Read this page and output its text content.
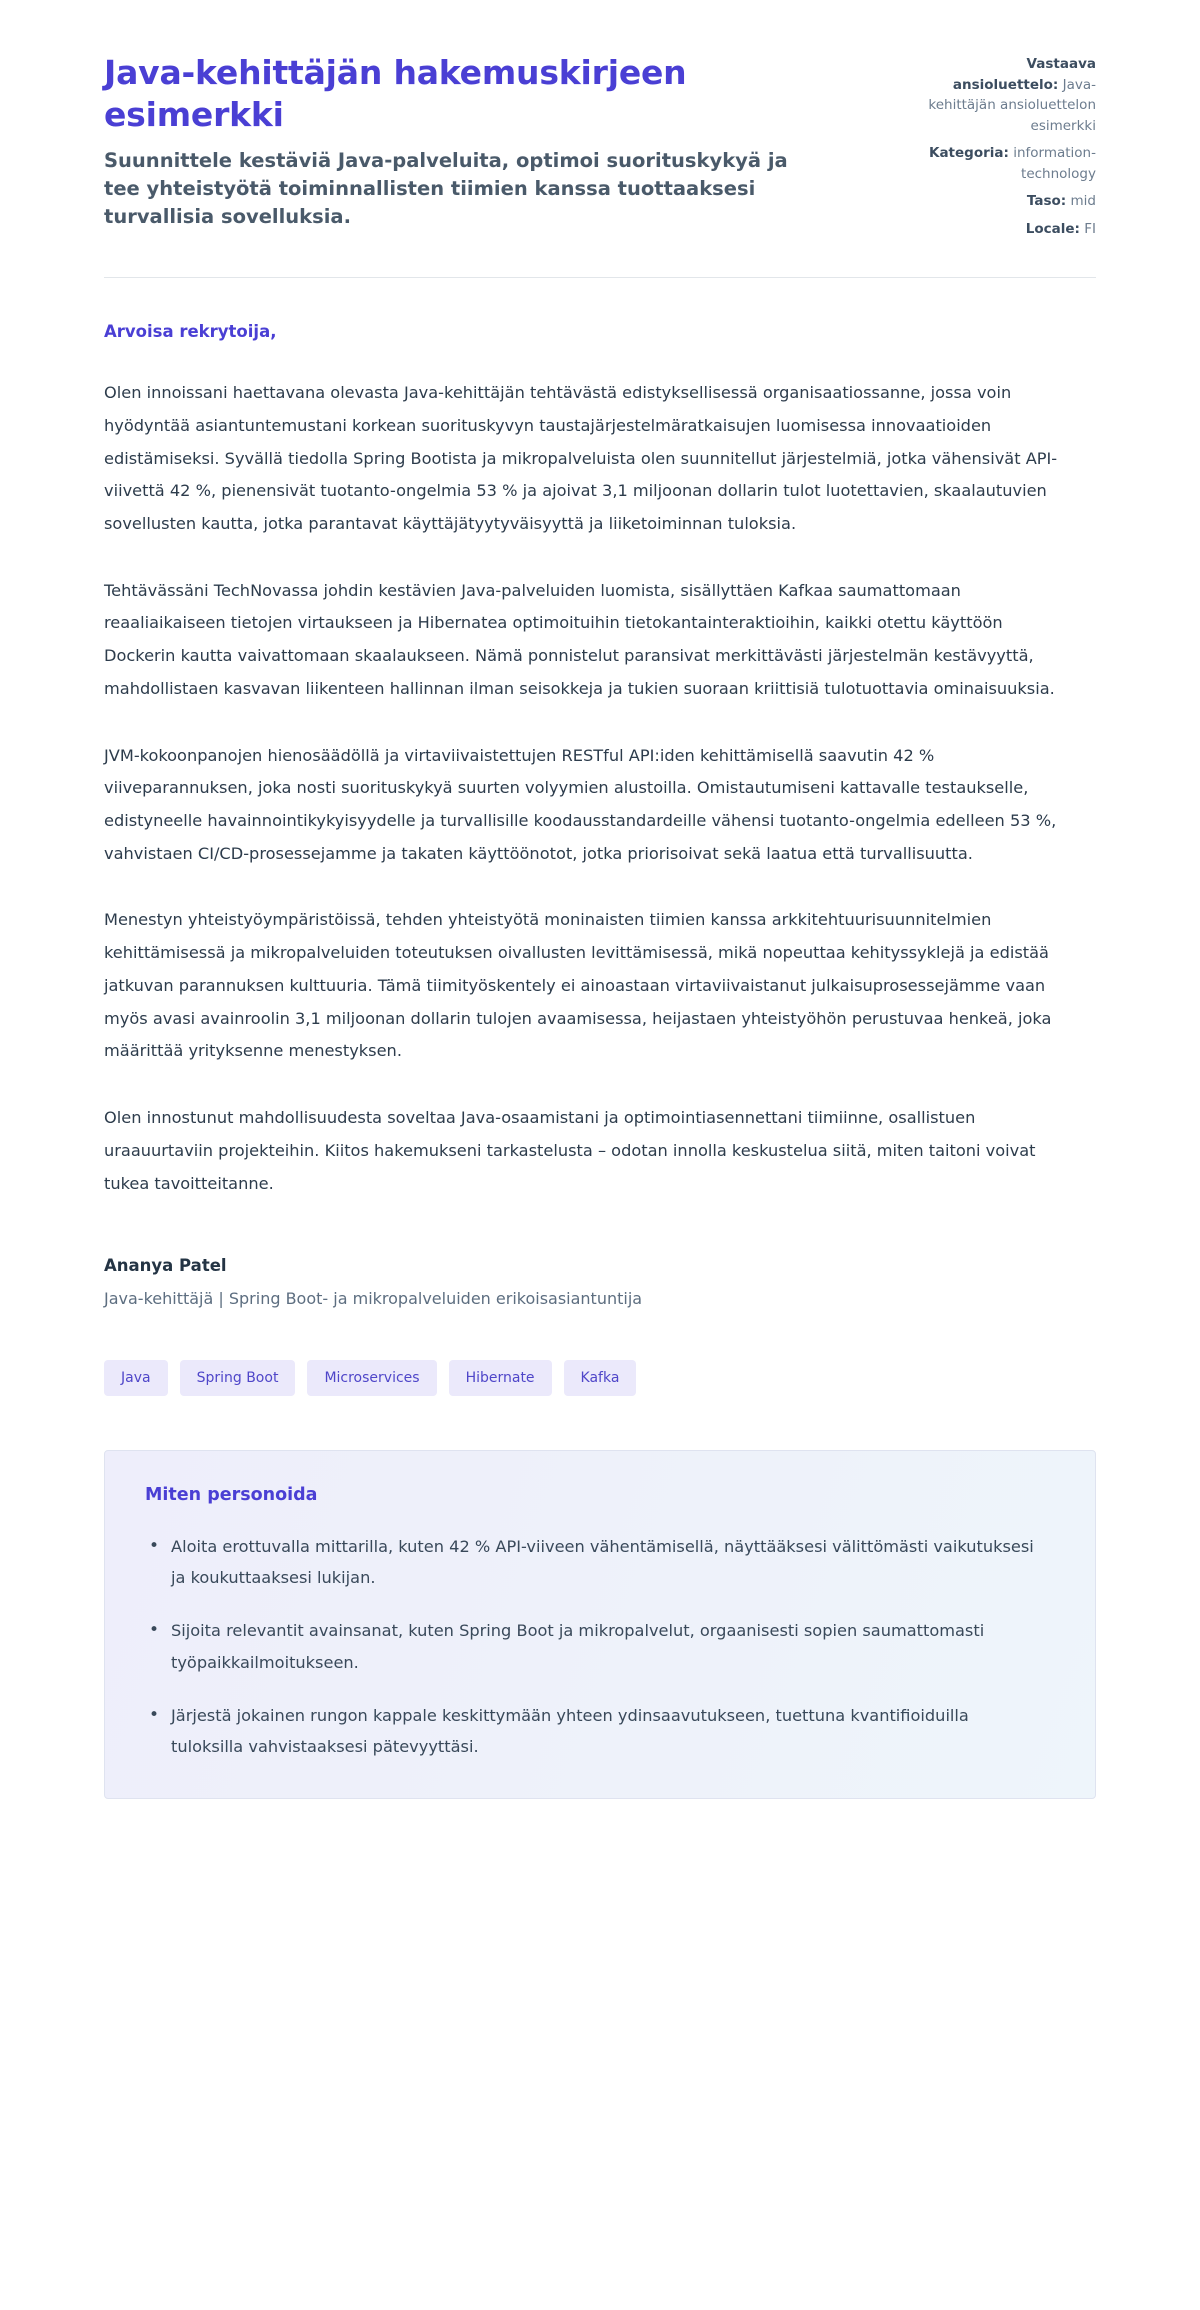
Java-kehittäjän hakemuskirjeen esimerkki

Suunnittele kestäviä Java-palveluita, optimoi suorituskykyä ja tee yhteistyötä toiminnallisten tiimien kanssa tuottaaksesi turvallisia sovelluksia.

Vastaava ansioluettelo: Java-kehittäjän ansioluettelon esimerkki
Kategoria: information-technology
Taso: mid
Locale: FI

Arvoisa rekrytoija,

Olen innoissani haettavana olevasta Java-kehittäjän tehtävästä edistyksellisessä organisaatiossanne, jossa voin hyödyntää asiantuntemustani korkean suorituskyvyn taustajärjestelmäratkaisujen luomisessa innovaatioiden edistämiseksi. Syvällä tiedolla Spring Bootista ja mikropalveluista olen suunnitellut järjestelmiä, jotka vähensivät API-viivettä 42 %, pienensivät tuotanto-ongelmia 53 % ja ajoivat 3,1 miljoonan dollarin tulot luotettavien, skaalautuvien sovellusten kautta, jotka parantavat käyttäjätyytyväisyyttä ja liiketoiminnan tuloksia.

Tehtävässäni TechNovassa johdin kestävien Java-palveluiden luomista, sisällyttäen Kafkaa saumattomaan reaaliaikaiseen tietojen virtaukseen ja Hibernatea optimoituihin tietokantainteraktioihin, kaikki otettu käyttöön Dockerin kautta vaivattomaan skaalaukseen. Nämä ponnistelut paransivat merkittävästi järjestelmän kestävyyttä, mahdollistaen kasvavan liikenteen hallinnan ilman seisokkeja ja tukien suoraan kriittisiä tulotuottavia ominaisuuksia.

JVM-kokoonpanojen hienosäädöllä ja virtaviivaistettujen RESTful API:iden kehittämisellä saavutin 42 % viiveparannuksen, joka nosti suorituskykyä suurten volyymien alustoilla. Omistautumiseni kattavalle testaukselle, edistyneelle havainnointikykyisyydelle ja turvallisille koodausstandardeille vähensi tuotanto-ongelmia edelleen 53 %, vahvistaen CI/CD-prosessejamme ja takaten käyttöönotot, jotka priorisoivat sekä laatua että turvallisuutta.

Menestyn yhteistyöympäristöissä, tehden yhteistyötä moninaisten tiimien kanssa arkkitehtuurisuunnitelmien kehittämisessä ja mikropalveluiden toteutuksen oivallusten levittämisessä, mikä nopeuttaa kehityssyklejä ja edistää jatkuvan parannuksen kulttuuria. Tämä tiimityöskentely ei ainoastaan virtaviivaistanut julkaisuprosessejämme vaan myös avasi avainroolin 3,1 miljoonan dollarin tulojen avaamisessa, heijastaen yhteistyöhön perustuvaa henkeä, joka määrittää yrityksenne menestyksen.

Olen innostunut mahdollisuudesta soveltaa Java-osaamistani ja optimointiasennettani tiimiinne, osallistuen uraauurtaviin projekteihin. Kiitos hakemukseni tarkastelusta – odotan innolla keskustelua siitä, miten taitoni voivat tukea tavoitteitanne.

Ananya Patel

Java-kehittäjä | Spring Boot- ja mikropalveluiden erikoisasiantuntija

Java	Spring Boot	Microservices	Hibernate	Kafka
Miten personoida
• Aloita erottuvalla mittarilla, kuten 42 % API-viiveen vähentämisellä, näyttääksesi välittömästi vaikutuksesi ja koukuttaaksesi lukijan.
• Sijoita relevantit avainsanat, kuten Spring Boot ja mikropalvelut, orgaanisesti sopien saumattomasti työpaikkailmoitukseen.
• Järjestä jokainen rungon kappale keskittymään yhteen ydinsaavutukseen, tuettuna kvantifioiduilla tuloksilla vahvistaaksesi pätevyyttäsi.
